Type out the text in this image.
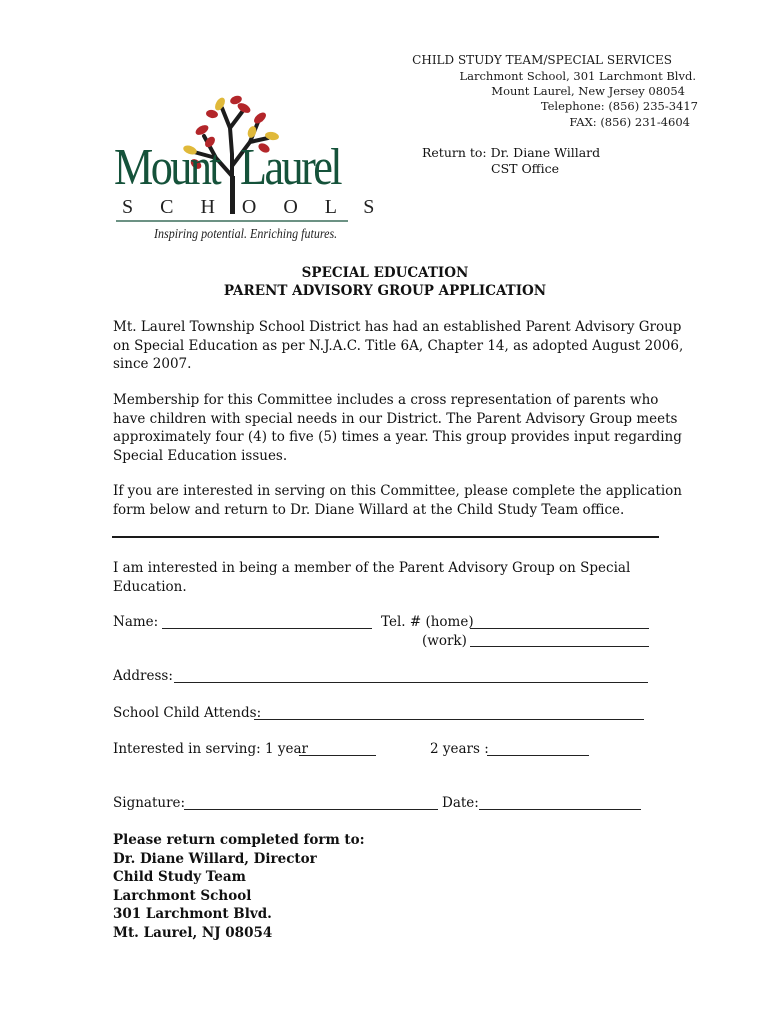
CHILD STUDY TEAM/SPECIAL SERVICES
Larchmont School, 301 Larchmont Blvd.
Mount Laurel, New Jersey 08054
Telephone: (856) 235-3417
FAX: (856) 231-4604
Return to: Dr. Diane Willard
CST Office
Mount Laurel
S C H O O L S
Inspiring potential. Enriching futures.
SPECIAL EDUCATION
PARENT ADVISORY GROUP APPLICATION
Mt. Laurel Township School District has had an established Parent Advisory Group
on Special Education as per N.J.A.C. Title 6A, Chapter 14, as adopted August 2006,
since 2007.
Membership for this Committee includes a cross representation of parents who
have children with special needs in our District. The Parent Advisory Group meets
approximately four (4) to five (5) times a year. This group provides input regarding
Special Education issues.
If you are interested in serving on this Committee, please complete the application
form below and return to Dr. Diane Willard at the Child Study Team office.
I am interested in being a member of the Parent Advisory Group on Special
Education.
Name:	Tel. # (home)
(work)
Address:
School Child Attends:
Interested in serving: 1 year	2 years :
Signature:	Date:
Please return completed form to:
Dr. Diane Willard, Director
Child Study Team
Larchmont School
301 Larchmont Blvd.
Mt. Laurel, NJ 08054
